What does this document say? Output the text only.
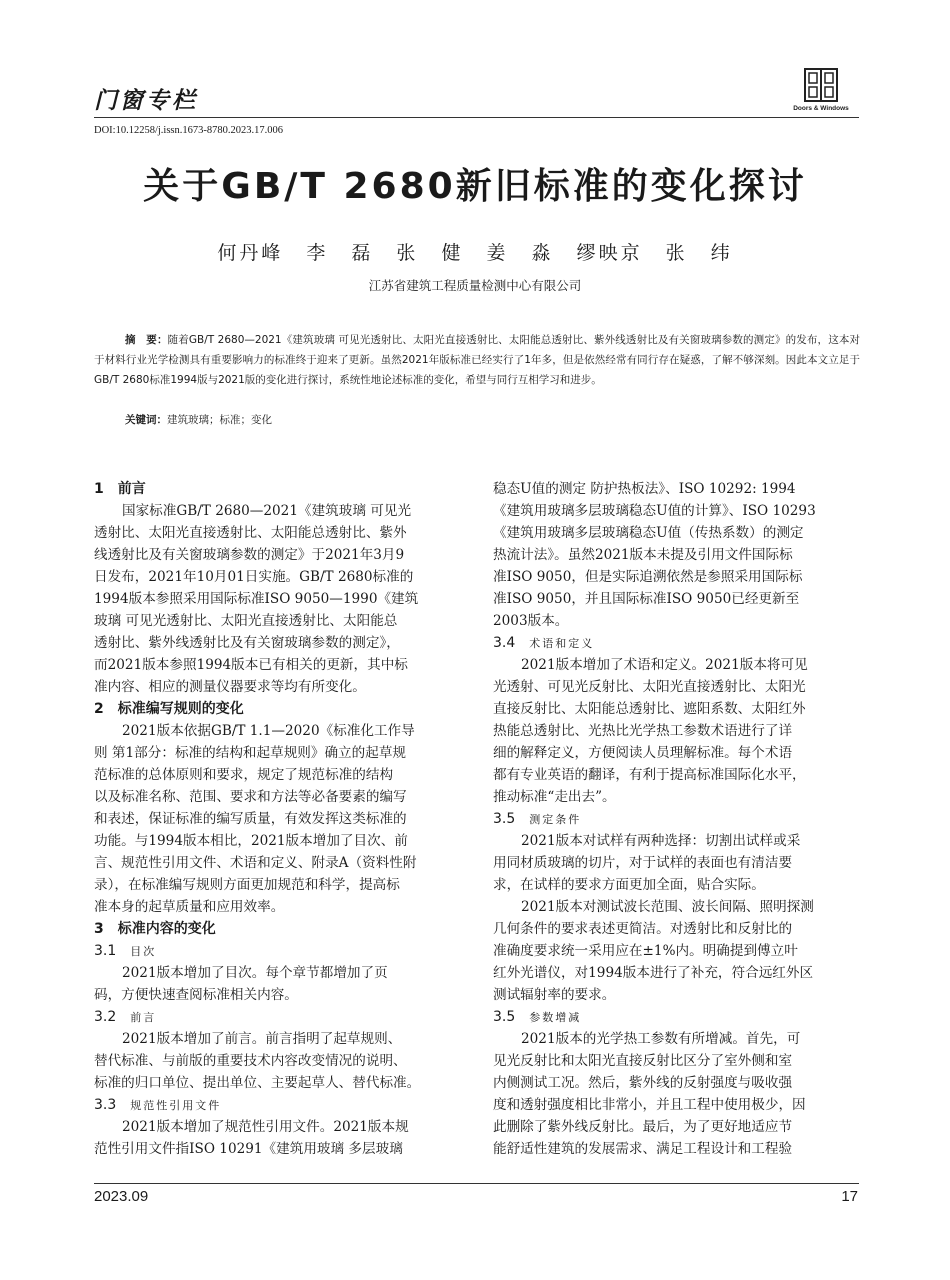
门窗专栏
DOI:10.12258/j.issn.1673-8780.2023.17.006
Doors & Windows
关于GB/T 2680新旧标准的变化探讨
何丹峰 李 磊 张 健 姜 淼 缪映京 张 纬
江苏省建筑工程质量检测中心有限公司
摘　要：随着GB/T 2680—2021《建筑玻璃 可见光透射比、太阳光直接透射比、太阳能总透射比、紫外线透射比及有关窗玻璃参数的测定》的发布，这本对于材料行业光学检测具有重要影响力的标准终于迎来了更新。虽然2021年版标准已经实行了1年多，但是依然经常有同行存在疑惑，了解不够深刻。因此本文立足于GB/T 2680标准1994版与2021版的变化进行探讨，系统性地论述标准的变化，希望与同行互相学习和进步。
关键词：建筑玻璃；标准；变化
1　前言
国家标准GB/T 2680—2021《建筑玻璃 可见光
透射比、太阳光直接透射比、太阳能总透射比、紫外
线透射比及有关窗玻璃参数的测定》于2021年3月9
日发布，2021年10月01日实施。GB/T 2680标准的
1994版本参照采用国际标准ISO 9050—1990《建筑
玻璃 可见光透射比、太阳光直接透射比、太阳能总
透射比、紫外线透射比及有关窗玻璃参数的测定》，
而2021版本参照1994版本已有相关的更新，其中标
准内容、相应的测量仪器要求等均有所变化。
2　标准编写规则的变化
2021版本依据GB/T 1.1—2020《标准化工作导
则 第1部分：标准的结构和起草规则》确立的起草规
范标准的总体原则和要求，规定了规范标准的结构
以及标准名称、范围、要求和方法等必备要素的编写
和表述，保证标准的编写质量，有效发挥这类标准的
功能。与1994版本相比，2021版本增加了目次、前
言、规范性引用文件、术语和定义、附录A（资料性附
录），在标准编写规则方面更加规范和科学，提高标
准本身的起草质量和应用效率。
3　标准内容的变化
3.1 目次
2021版本增加了目次。每个章节都增加了页
码，方便快速查阅标准相关内容。
3.2 前言
2021版本增加了前言。前言指明了起草规则、
替代标准、与前版的重要技术内容改变情况的说明、
标准的归口单位、提出单位、主要起草人、替代标准。
3.3 规范性引用文件
2021版本增加了规范性引用文件。2021版本规
范性引用文件指ISO 10291《建筑用玻璃 多层玻璃
稳态U值的测定 防护热板法》、ISO 10292: 1994
《建筑用玻璃多层玻璃稳态U值的计算》、ISO 10293
《建筑用玻璃多层玻璃稳态U值（传热系数）的测定
热流计法》。虽然2021版本未提及引用文件国际标
准ISO 9050，但是实际追溯依然是参照采用国际标
准ISO 9050，并且国际标准ISO 9050已经更新至
2003版本。
3.4 术语和定义
2021版本增加了术语和定义。2021版本将可见
光透射、可见光反射比、太阳光直接透射比、太阳光
直接反射比、太阳能总透射比、遮阳系数、太阳红外
热能总透射比、光热比光学热工参数术语进行了详
细的解释定义，方便阅读人员理解标准。每个术语
都有专业英语的翻译，有利于提高标准国际化水平，
推动标准“走出去”。
3.5 测定条件
2021版本对试样有两种选择：切割出试样或采
用同材质玻璃的切片，对于试样的表面也有清洁要
求，在试样的要求方面更加全面，贴合实际。
2021版本对测试波长范围、波长间隔、照明探测
几何条件的要求表述更简洁。对透射比和反射比的
准确度要求统一采用应在±1%内。明确提到傅立叶
红外光谱仪，对1994版本进行了补充，符合远红外区
测试辐射率的要求。
3.5 参数增减
2021版本的光学热工参数有所增减。首先，可
见光反射比和太阳光直接反射比区分了室外侧和室
内侧测试工况。然后，紫外线的反射强度与吸收强
度和透射强度相比非常小，并且工程中使用极少，因
此删除了紫外线反射比。最后，为了更好地适应节
能舒适性建筑的发展需求、满足工程设计和工程验
2023.09	17
